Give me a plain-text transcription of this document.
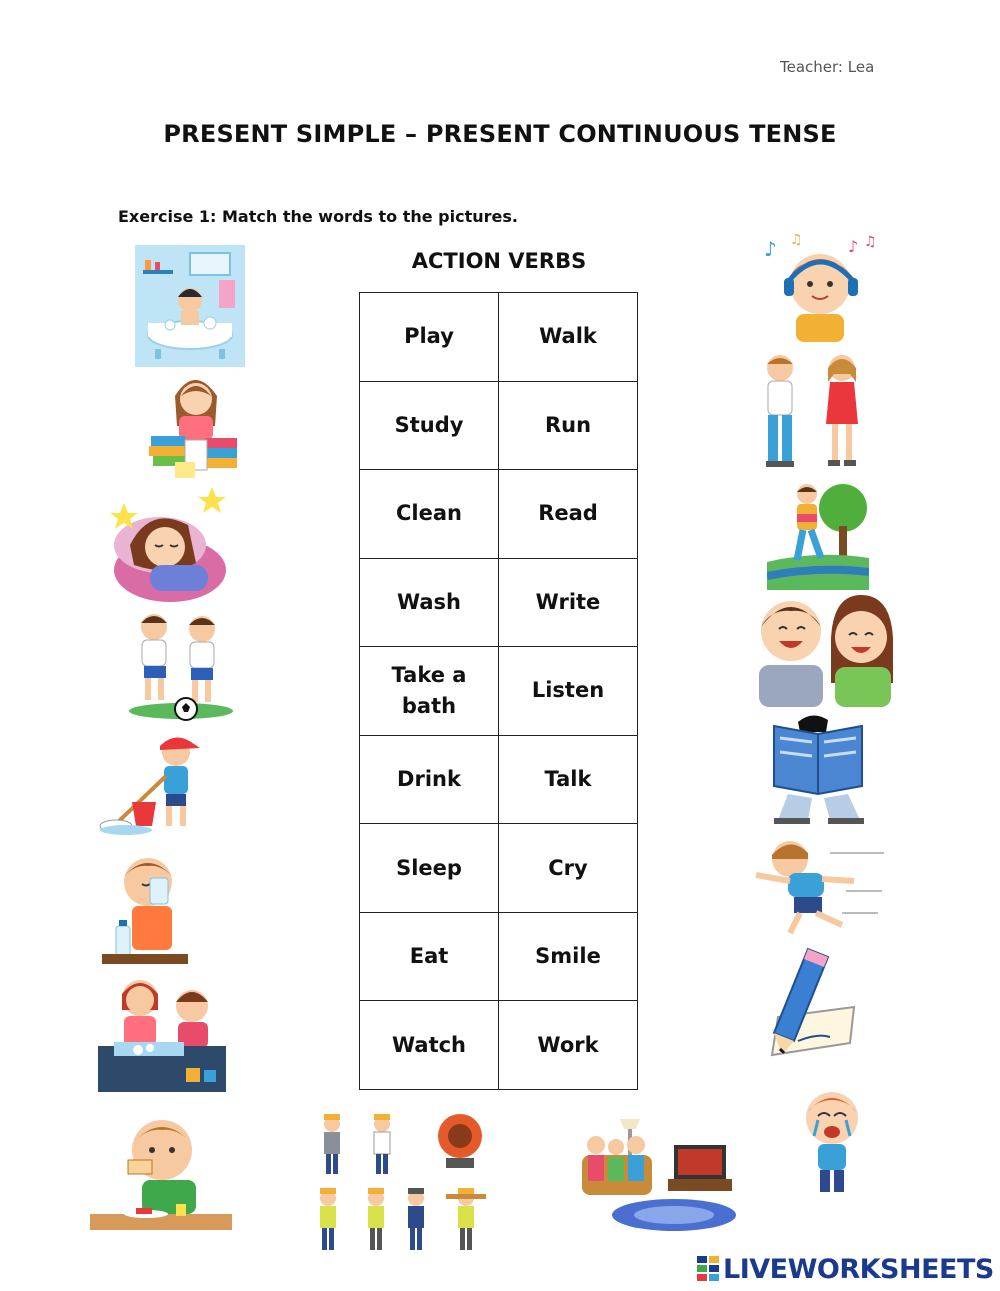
Teacher: Lea
PRESENT SIMPLE – PRESENT CONTINUOUS TENSE
Exercise 1: Match the words to the pictures.
ACTION VERBS
Play	Walk
Study	Run
Clean	Read
Wash	Write
Take a bath	Listen
Drink	Talk
Sleep	Cry
Eat	Smile
Watch	Work
♪ ♫	♪ ♫
LIVEWORKSHEETS
